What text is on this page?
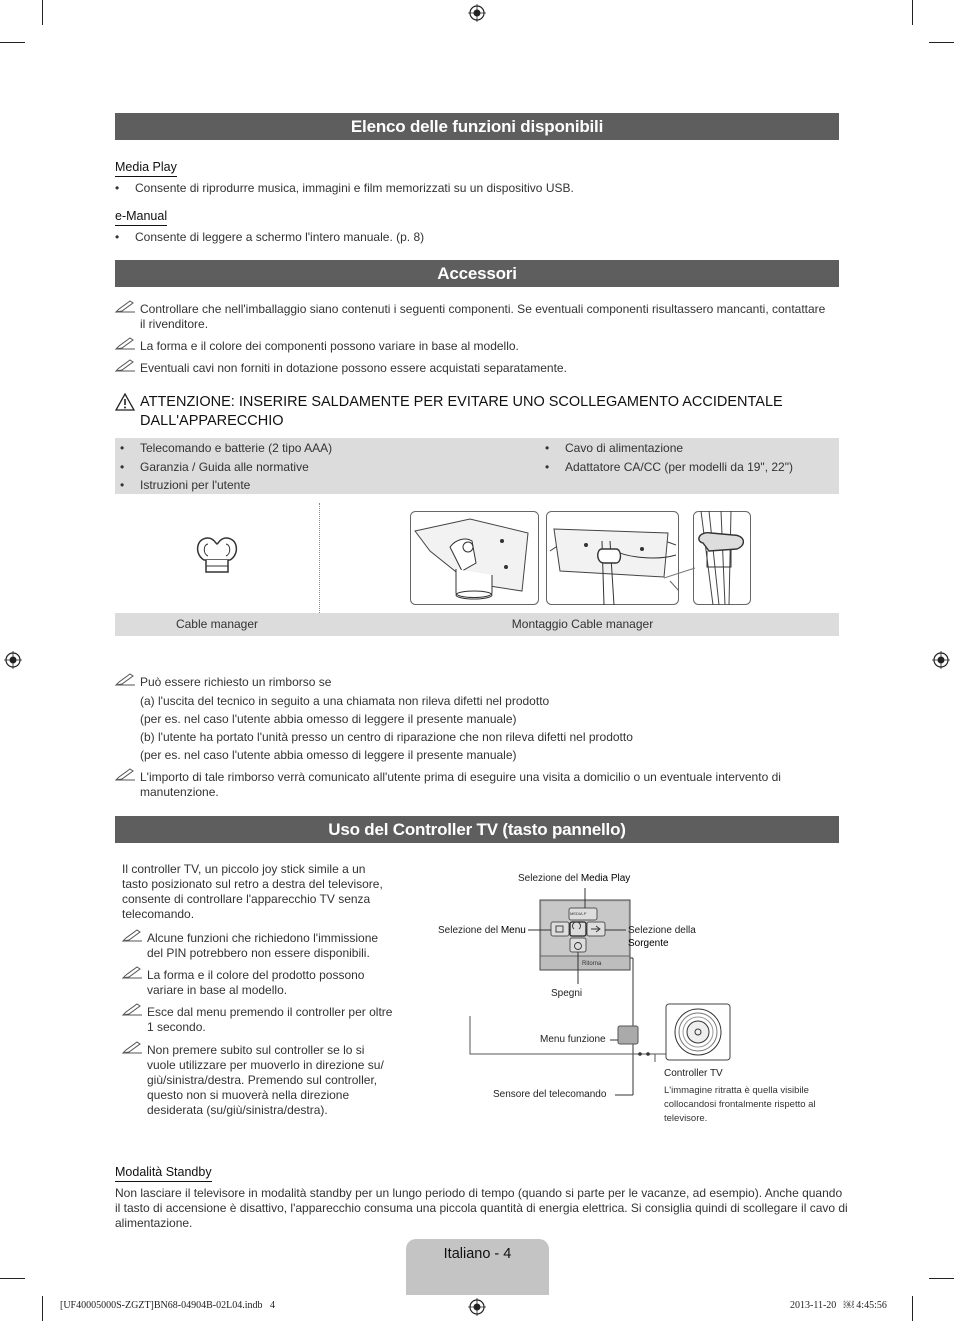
Elenco delle funzioni disponibili
Media Play
• Consente di riprodurre musica, immagini e film memorizzati su un dispositivo USB.
e-Manual
• Consente di leggere a schermo l'intero manuale. (p. 8)
Accessori
Controllare che nell'imballaggio siano contenuti i seguenti componenti. Se eventuali componenti risultassero mancanti, contattare
il rivenditore.
La forma e il colore dei componenti possono variare in base al modello.
Eventuali cavi non forniti in dotazione possono essere acquistati separatamente.
ATTENZIONE: INSERIRE SALDAMENTE PER EVITARE UNO SCOLLEGAMENTO ACCIDENTALE
DALL'APPARECCHIO
• Telecomando e batterie (2 tipo AAA)
• Garanzia / Guida alle normative
• Istruzioni per l'utente
• Cavo di alimentazione
• Adattatore CA/CC (per modelli da 19", 22")
Cable manager	Montaggio Cable manager
Può essere richiesto un rimborso se
(a) l'uscita del tecnico in seguito a una chiamata non rileva difetti nel prodotto
(per es. nel caso l'utente abbia omesso di leggere il presente manuale)
(b) l'utente ha portato l'unità presso un centro di riparazione che non rileva difetti nel prodotto
(per es. nel caso l'utente abbia omesso di leggere il presente manuale)
L'importo di tale rimborso verrà comunicato all'utente prima di eseguire una visita a domicilio o un eventuale intervento di
manutenzione.
Uso del Controller TV (tasto pannello)
Il controller TV, un piccolo joy stick simile a un
tasto posizionato sul retro a destra del televisore,
consente di controllare l'apparecchio TV senza
telecomando.
Alcune funzioni che richiedono l'immissione
del PIN potrebbero non essere disponibili.
La forma e il colore del prodotto possono
variare in base al modello.
Esce dal menu premendo il controller per oltre
1 secondo.
Non premere subito sul controller se lo si
vuole utilizzare per muoverlo in direzione su/
giù/sinistra/destra. Premendo sul controller,
questo non si muoverà nella direzione
desiderata (su/giù/sinistra/destra).
Selezione del Media Play
Selezione del Menu	Selezione della
Sorgente
Ritorna
MEDIA.P
Spegni
Menu funzione
Sensore del telecomando
Controller TV
L'immagine ritratta è quella visibile
collocandosi frontalmente rispetto al
televisore.
Modalità Standby
Non lasciare il televisore in modalità standby per un lungo periodo di tempo (quando si parte per le vacanze, ad esempio). Anche quando
il tasto di accensione è disattivo, l'apparecchio consuma una piccola quantità di energia elettrica. Si consiglia quindi di scollegare il cavo di
alimentazione.
Italiano - 4
[UF40005000S-ZGZT]BN68-04904B-02L04.indb   4	2013-11-20   ￼ 4:45:56
